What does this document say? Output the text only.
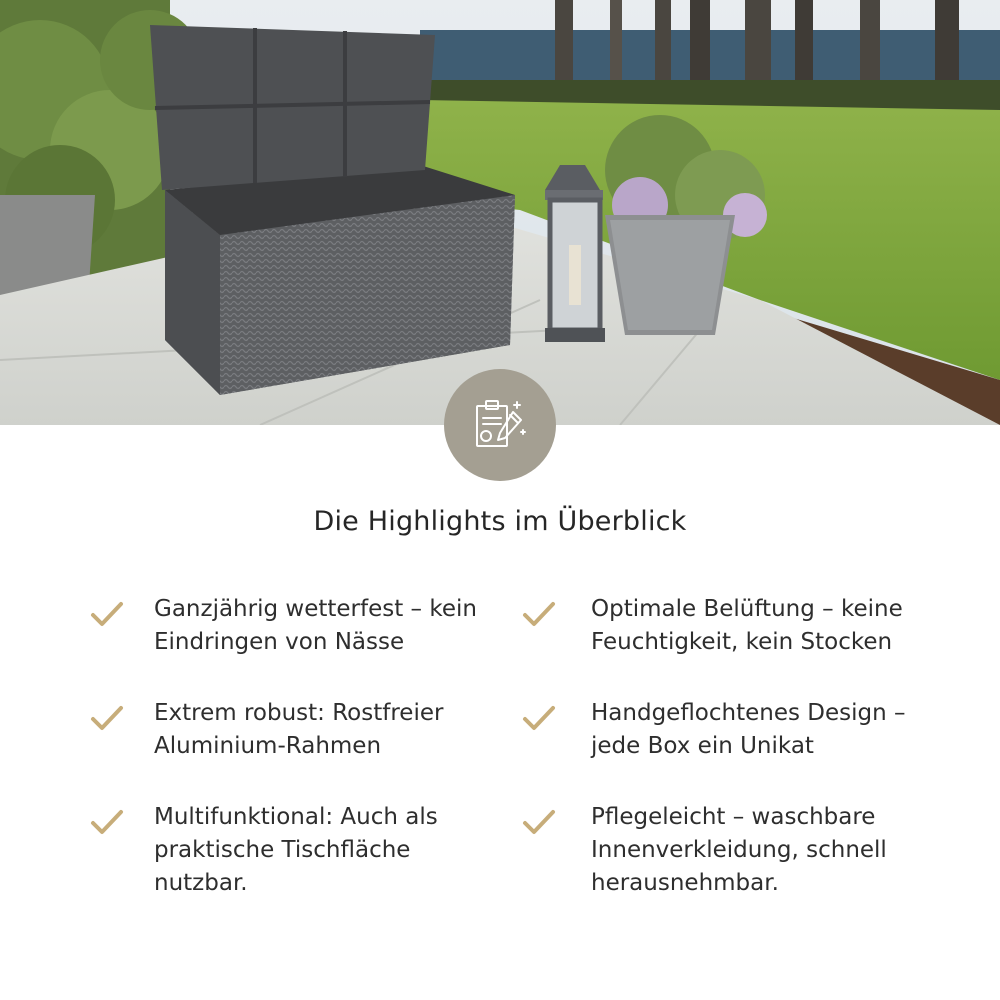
Die Highlights im Überblick
Ganzjährig wetterfest – kein Eindringen von Nässe
Extrem robust: Rostfreier Aluminium-Rahmen
Multifunktional: Auch als praktische Tischfläche nutzbar.
Optimale Belüftung – keine Feuchtigkeit, kein Stocken
Handgeflochtenes Design – jede Box ein Unikat
Pflegeleicht – waschbare Innenverkleidung, schnell herausnehmbar.
